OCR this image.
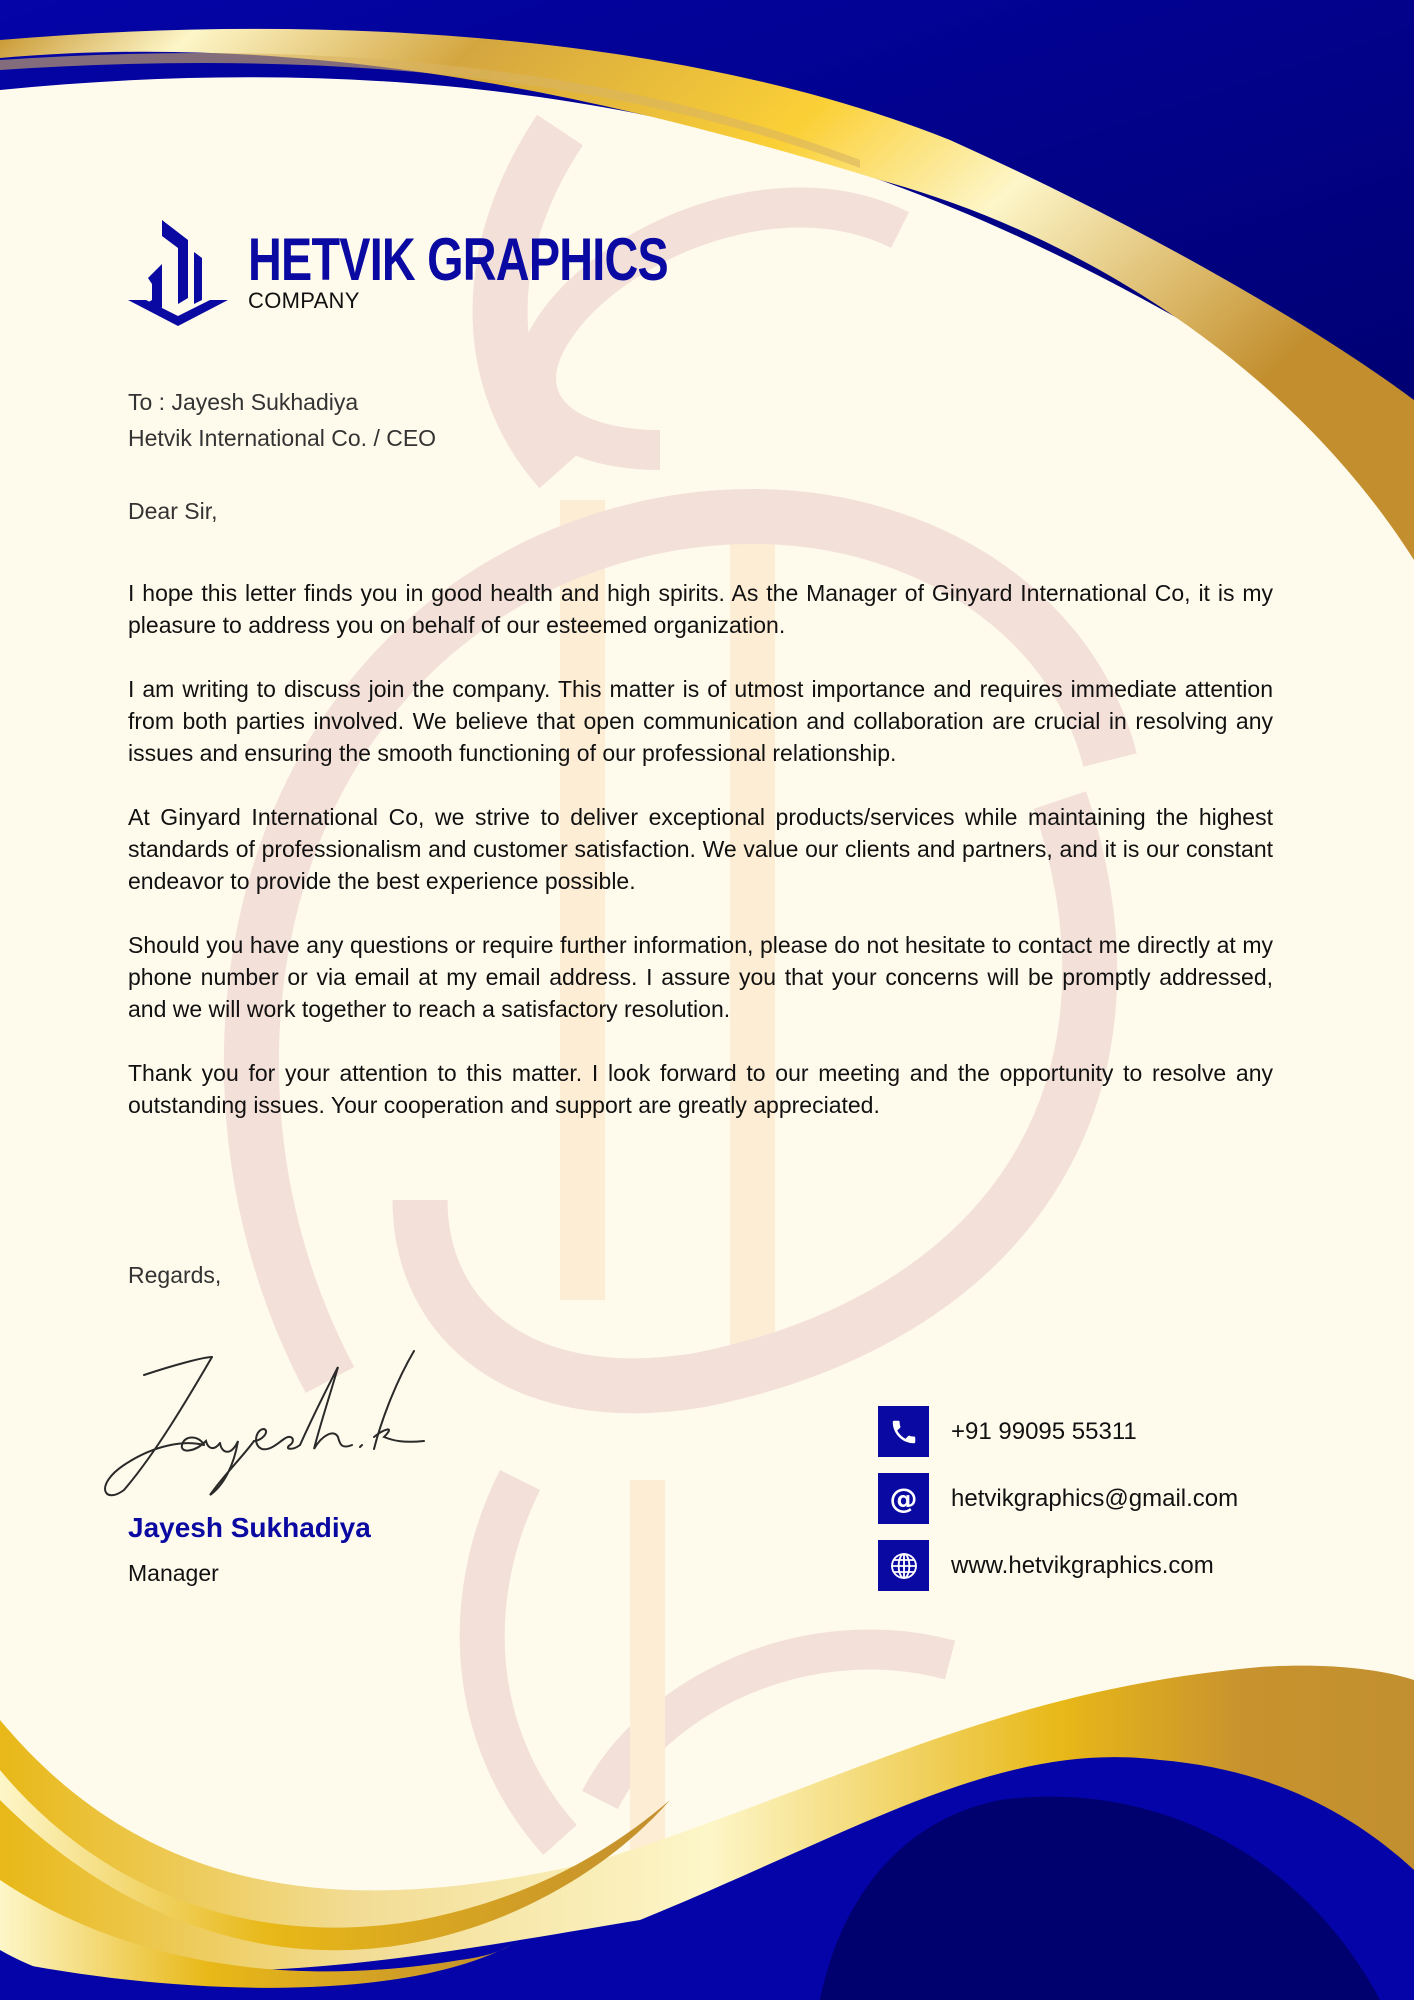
HETVIK GRAPHICS
COMPANY
To : Jayesh Sukhadiya
Hetvik International Co. / CEO
Dear Sir,

I hope this letter finds you in good health and high spirits. As the Manager of Ginyard International Co, it is my pleasure to address you on behalf of our esteemed organization.

I am writing to discuss join the company. This matter is of utmost importance and requires immediate attention from both parties involved. We believe that open communication and collaboration are crucial in resolving any issues and ensuring the smooth functioning of our professional relationship.

At Ginyard International Co, we strive to deliver exceptional products/services while maintaining the highest standards of professionalism and customer satisfaction. We value our clients and partners, and it is our constant endeavor to provide the best experience possible.

Should you have any questions or require further information, please do not hesitate to contact me directly at my phone number or via email at my email address. I assure you that your concerns will be promptly addressed, and we will work together to reach a satisfactory resolution.

Thank you for your attention to this matter. I look forward to our meeting and the opportunity to resolve any outstanding issues. Your cooperation and support are greatly appreciated.

Regards,
Jayesh Sukhadiya
Manager
+91 99095 55311
@ hetvikgraphics@gmail.com
www.hetvikgraphics.com
